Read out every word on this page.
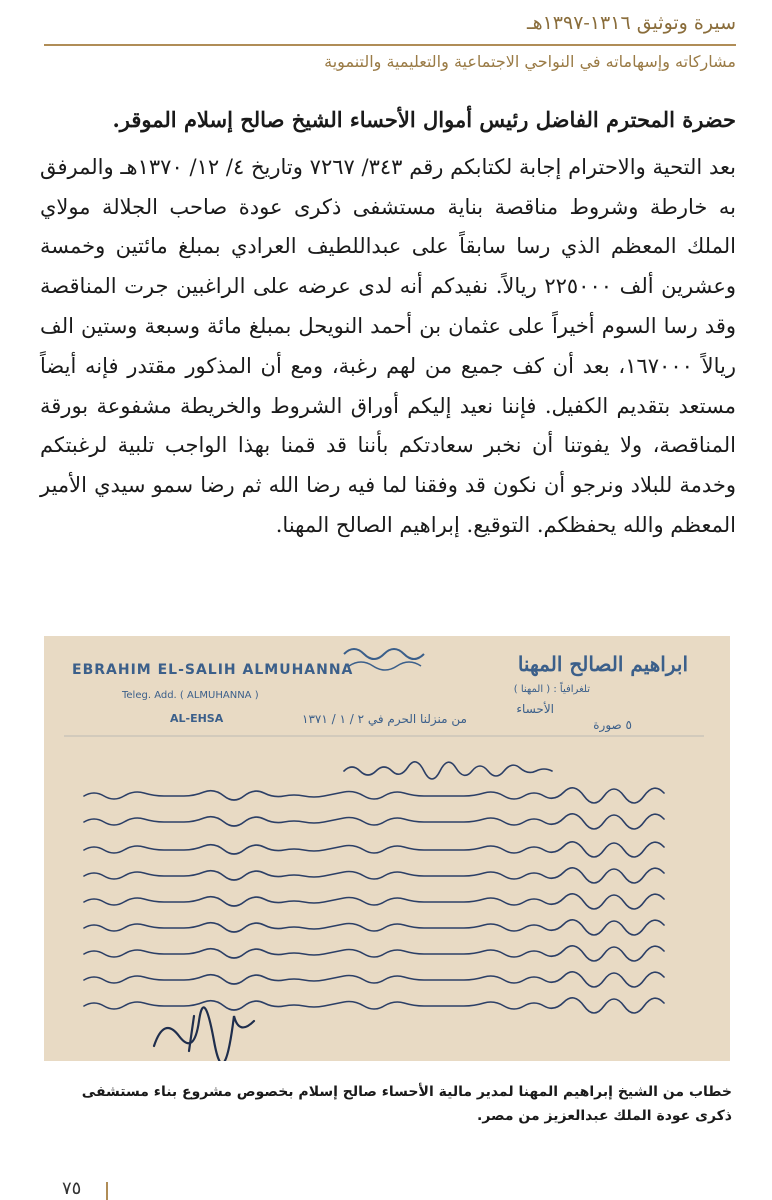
سيرة وتوثيق ١٣١٦-١٣٩٧هـ
مشاركاته وإسهاماته في النواحي الاجتماعية والتعليمية والتنموية
حضرة المحترم الفاضل رئيس أموال الأحساء الشيخ صالح إسلام الموقر.
بعد التحية والاحترام إجابة لكتابكم رقم ٣٤٣/ ٧٢٦٧ وتاريخ ٤/ ١٢/ ١٣٧٠هـ والمرفق به خارطة وشروط مناقصة بناية مستشفى ذكرى عودة صاحب الجلالة مولاي الملك المعظم الذي رسا سابقاً على عبداللطيف العرادي بمبلغ مائتين وخمسة وعشرين ألف ٢٢٥٠٠٠ ريالاً. نفيدكم أنه لدى عرضه على الراغبين جرت المناقصة وقد رسا السوم أخيراً على عثمان بن أحمد النويحل بمبلغ مائة وسبعة وستين الف ريالاً ١٦٧٠٠٠، بعد أن كف جميع من لهم رغبة، ومع أن المذكور مقتدر فإنه أيضاً مستعد بتقديم الكفيل. فإننا نعيد إليكم أوراق الشروط والخريطة مشفوعة بورقة المناقصة، ولا يفوتنا أن نخبر سعادتكم بأننا قد قمنا بهذا الواجب تلبية لرغبتكم وخدمة للبلاد ونرجو أن نكون قد وفقنا لما فيه رضا الله ثم رضا سمو سيدي الأمير المعظم والله يحفظكم. التوقيع. إبراهيم الصالح المهنا.
EBRAHIM EL-SALIH ALMUHANNA
Teleg. Add. ( ALMUHANNA )
AL-EHSA
ابراهيم الصالح المهنا
تلغرافياً : ( المهنا )
الأحساء
من منزلنا الحرم في ٢ / ١ / ١٣٧١	٥ صورة
خطاب من الشيخ إبراهيم المهنا لمدير مالية الأحساء صالح إسلام بخصوص مشروع بناء مستشفى
ذكرى عودة الملك عبدالعزيز من مصر.
٧٥
